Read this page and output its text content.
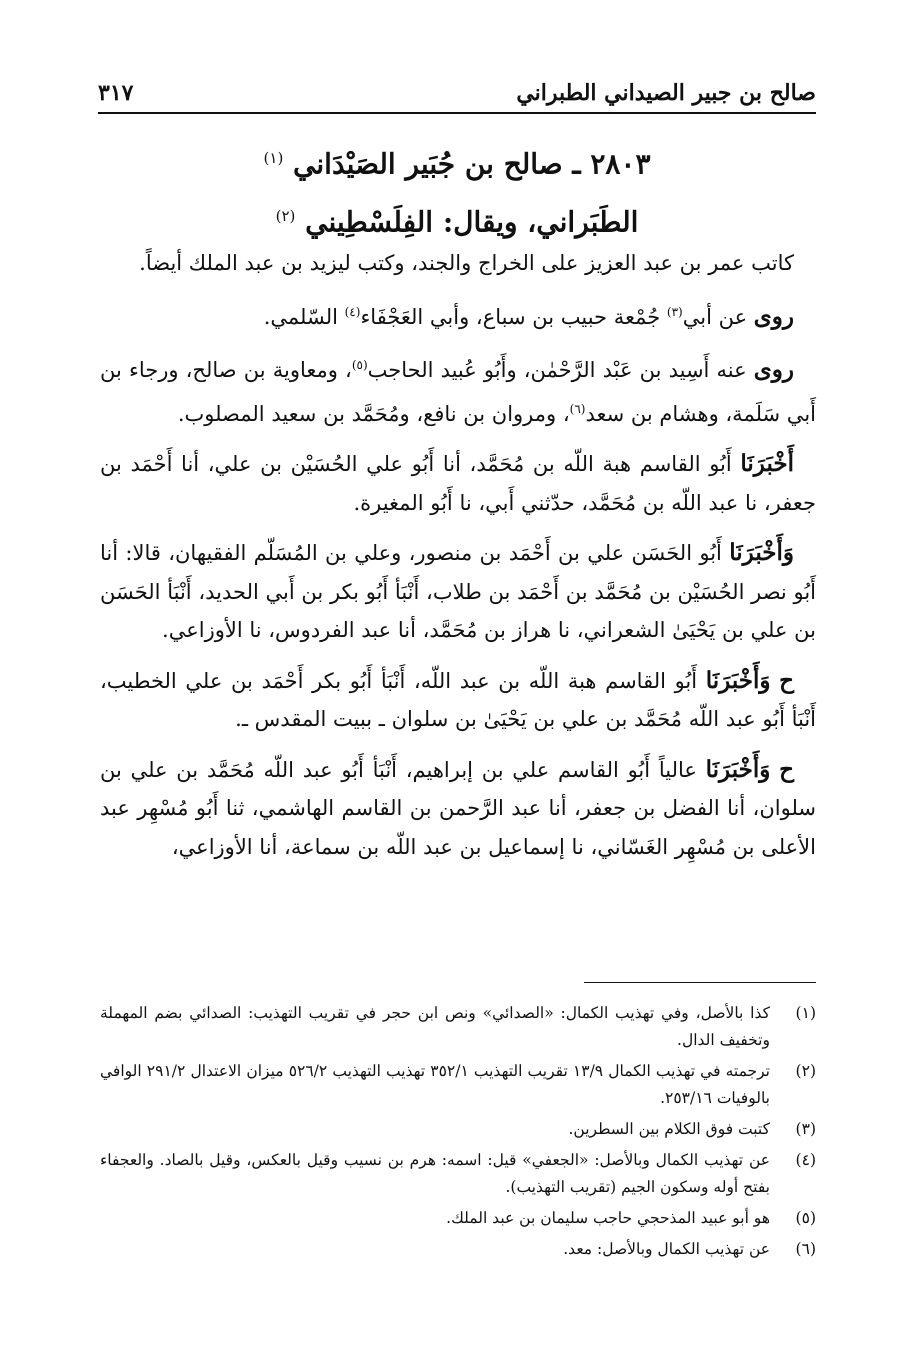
صالح بن جبير الصيداني الطبراني
٣١٧
٢٨٠٣ ـ صالح بن جُبَير الصَيْدَاني $^{(١)}$
الطَبَراني، ويقال: الفِلَسْطِيني $^{(٢)}$

كاتب عمر بن عبد العزيز على الخراج والجند، وكتب ليزيد بن عبد الملك أيضاً.

روى عن أبي$^{(٣)}$ جُمْعة حبيب بن سباع، وأبي العَجْفَاء$^{(٤)}$ السّلمي.

روى عنه أَسِيد بن عَبْد الرَّحْمٰن، وأَبُو عُبيد الحاجب$^{(٥)}$، ومعاوية بن صالح، ورجاء بن أَبي سَلَمة، وهشام بن سعد$^{(٦)}$، ومروان بن نافع، ومُحَمَّد بن سعيد المصلوب.

أَخْبَرَنَا أَبُو القاسم هبة اللّه بن مُحَمَّد، أنا أَبُو علي الحُسَيْن بن علي، أنا أَحْمَد بن جعفر، نا عبد اللّه بن مُحَمَّد، حدّثني أَبي، نا أَبُو المغيرة.

وَأَخْبَرَنَا أَبُو الحَسَن علي بن أَحْمَد بن منصور، وعلي بن المُسَلّم الفقيهان، قالا: أنا أَبُو نصر الحُسَيْن بن مُحَمَّد بن أَحْمَد بن طلاب، أَنْبَأ أَبُو بكر بن أَبي الحديد، أَنْبَأ الحَسَن بن علي بن يَحْيَىٰ الشعراني، نا هراز بن مُحَمَّد، أنا عبد الفردوس، نا الأوزاعي.

ح وَأَخْبَرَنَا أَبُو القاسم هبة اللّه بن عبد اللّه، أَنْبَأ أَبُو بكر أَحْمَد بن علي الخطيب، أَنْبَأ أَبُو عبد اللّه مُحَمَّد بن علي بن يَحْيَىٰ بن سلوان ـ ببيت المقدس ـ.

ح وَأَخْبَرَنَا عالياً أَبُو القاسم علي بن إبراهيم، أَنْبَأ أَبُو عبد اللّه مُحَمَّد بن علي بن سلوان، أنا الفضل بن جعفر، أنا عبد الرَّحمن بن القاسم الهاشمي، ثنا أَبُو مُسْهِر عبد الأعلى بن مُسْهِر الغَسّاني، نا إسماعيل بن عبد اللّه بن سماعة، أنا الأوزاعي،

(١)
كذا بالأصل، وفي تهذيب الكمال: «الصدائي» ونص ابن حجر في تقريب التهذيب: الصدائي بضم المهملة وتخفيف الدال.
(٢)
ترجمته في تهذيب الكمال ١٣/٩ تقريب التهذيب ٣٥٢/١ تهذيب التهذيب ٥٢٦/٢ ميزان الاعتدال ٢٩١/٢ الوافي بالوفيات ٢٥٣/١٦.
(٣)
كتبت فوق الكلام بين السطرين.
(٤)
عن تهذيب الكمال وبالأصل: «الجعفي» قيل: اسمه: هرم بن نسيب وقيل بالعكس، وقيل بالصاد. والعجفاء بفتح أوله وسكون الجيم (تقريب التهذيب).
(٥)
هو أبو عبيد المذحجي حاجب سليمان بن عبد الملك.
(٦)
عن تهذيب الكمال وبالأصل: معد.
